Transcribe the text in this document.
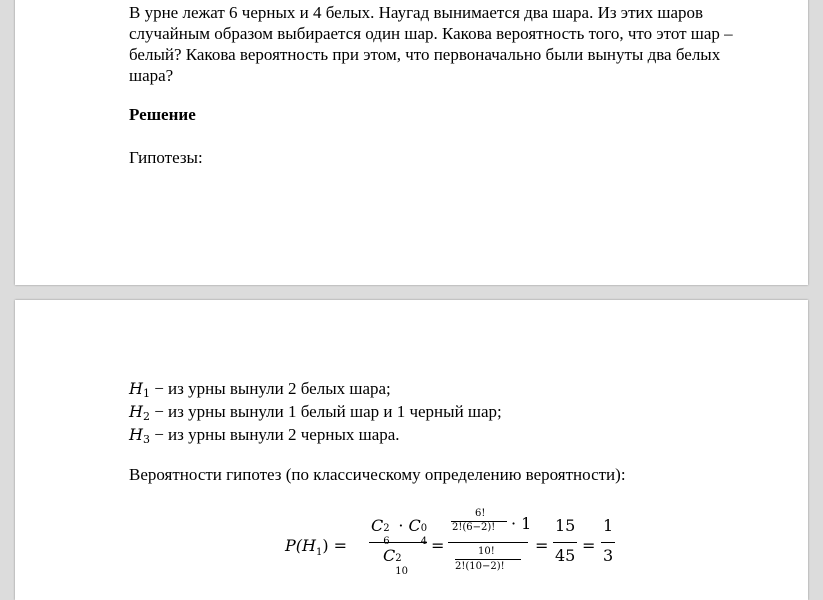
В урне лежат 6 черных и 4 белых. Наугад вынимается два шара. Из этих шаров случайным образом выбирается один шар. Какова вероятность того, что этот шар – белый? Какова вероятность при этом, что первоначально были вынуты два белых шара?
Решение
Гипотезы:
$H_1$ − из урны вынули 2 белых шара;
$H_2$ − из урны вынули 1 белый шар и 1 черный шар;
$H_3$ − из урны вынули 2 черных шара.
Вероятности гипотез (по классическому определению вероятности):
$P(H_1)$ =
C 2 · C 0
C 2
10
=
6!
2!(6−2)! · 1
10!
2!(10−2)!
=
15
45
=
1
3
